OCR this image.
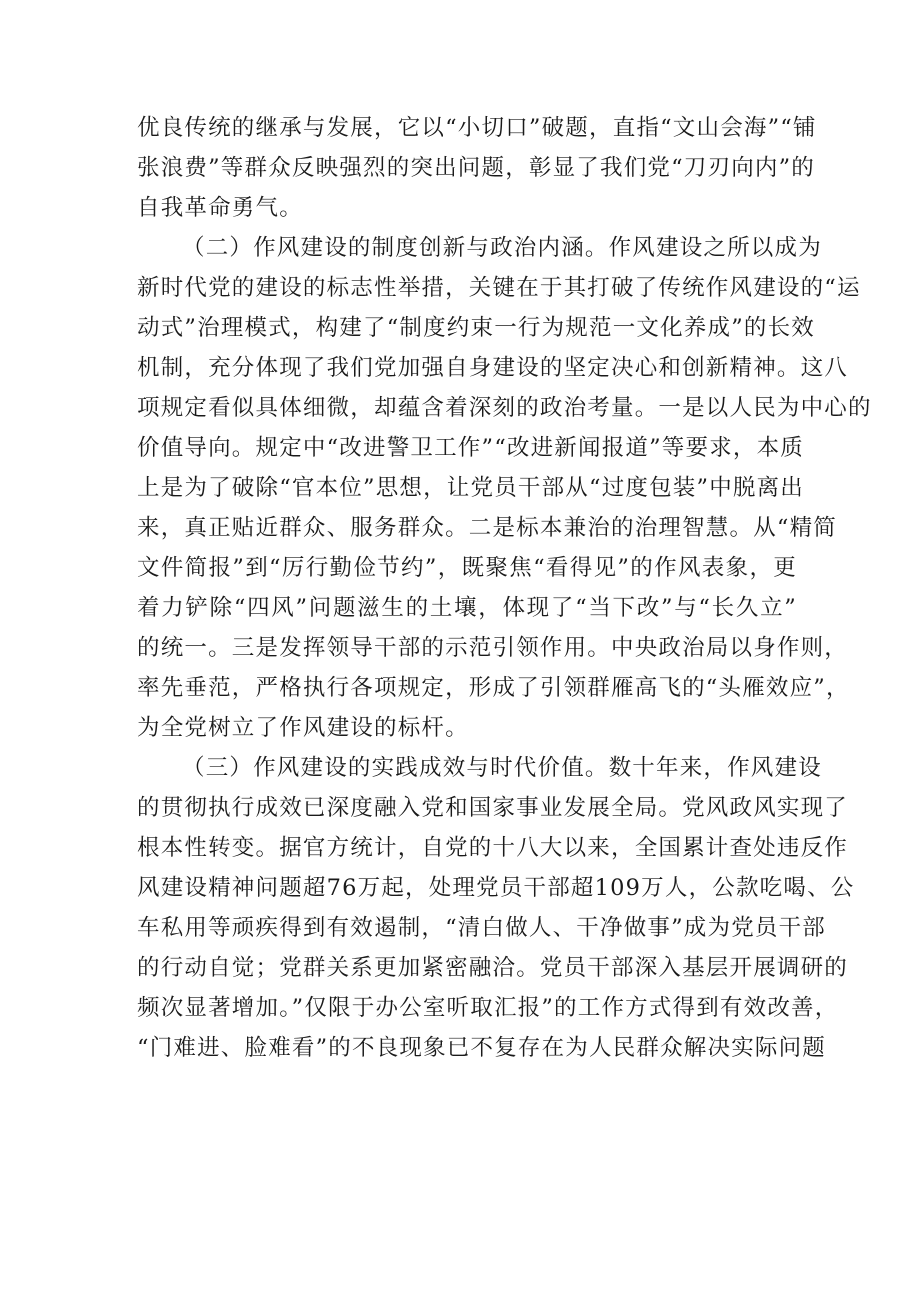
优良传统的继承与发展，它以“小切口”破题，直指“文山会海”“铺
张浪费”等群众反映强烈的突出问题，彰显了我们党“刀刃向内”的
自我革命勇气。
（二）作风建设的制度创新与政治内涵。作风建设之所以成为
新时代党的建设的标志性举措，关键在于其打破了传统作风建设的“运
动式”治理模式，构建了“制度约束一行为规范一文化养成”的长效
机制，充分体现了我们党加强自身建设的坚定决心和创新精神。这八
项规定看似具体细微，却蕴含着深刻的政治考量。一是以人民为中心的
价值导向。规定中“改进警卫工作”“改进新闻报道”等要求，本质
上是为了破除“官本位”思想，让党员干部从“过度包装”中脱离出
来，真正贴近群众、服务群众。二是标本兼治的治理智慧。从“精简
文件简报”到“厉行勤俭节约”，既聚焦“看得见”的作风表象，更
着力铲除“四风”问题滋生的土壤，体现了“当下改”与“长久立”
的统一。三是发挥领导干部的示范引领作用。中央政治局以身作则，
率先垂范，严格执行各项规定，形成了引领群雁高飞的“头雁效应”，
为全党树立了作风建设的标杆。
（三）作风建设的实践成效与时代价值。数十年来，作风建设
的贯彻执行成效已深度融入党和国家事业发展全局。党风政风实现了
根本性转变。据官方统计，自党的十八大以来，全国累计查处违反作
风建设精神问题超76万起，处理党员干部超109万人，公款吃喝、公
车私用等顽疾得到有效遏制，“清白做人、干净做事”成为党员干部
的行动自觉；党群关系更加紧密融洽。党员干部深入基层开展调研的
频次显著增加。”仅限于办公室听取汇报”的工作方式得到有效改善，
“门难进、脸难看”的不良现象已不复存在为人民群众解决实际问题
